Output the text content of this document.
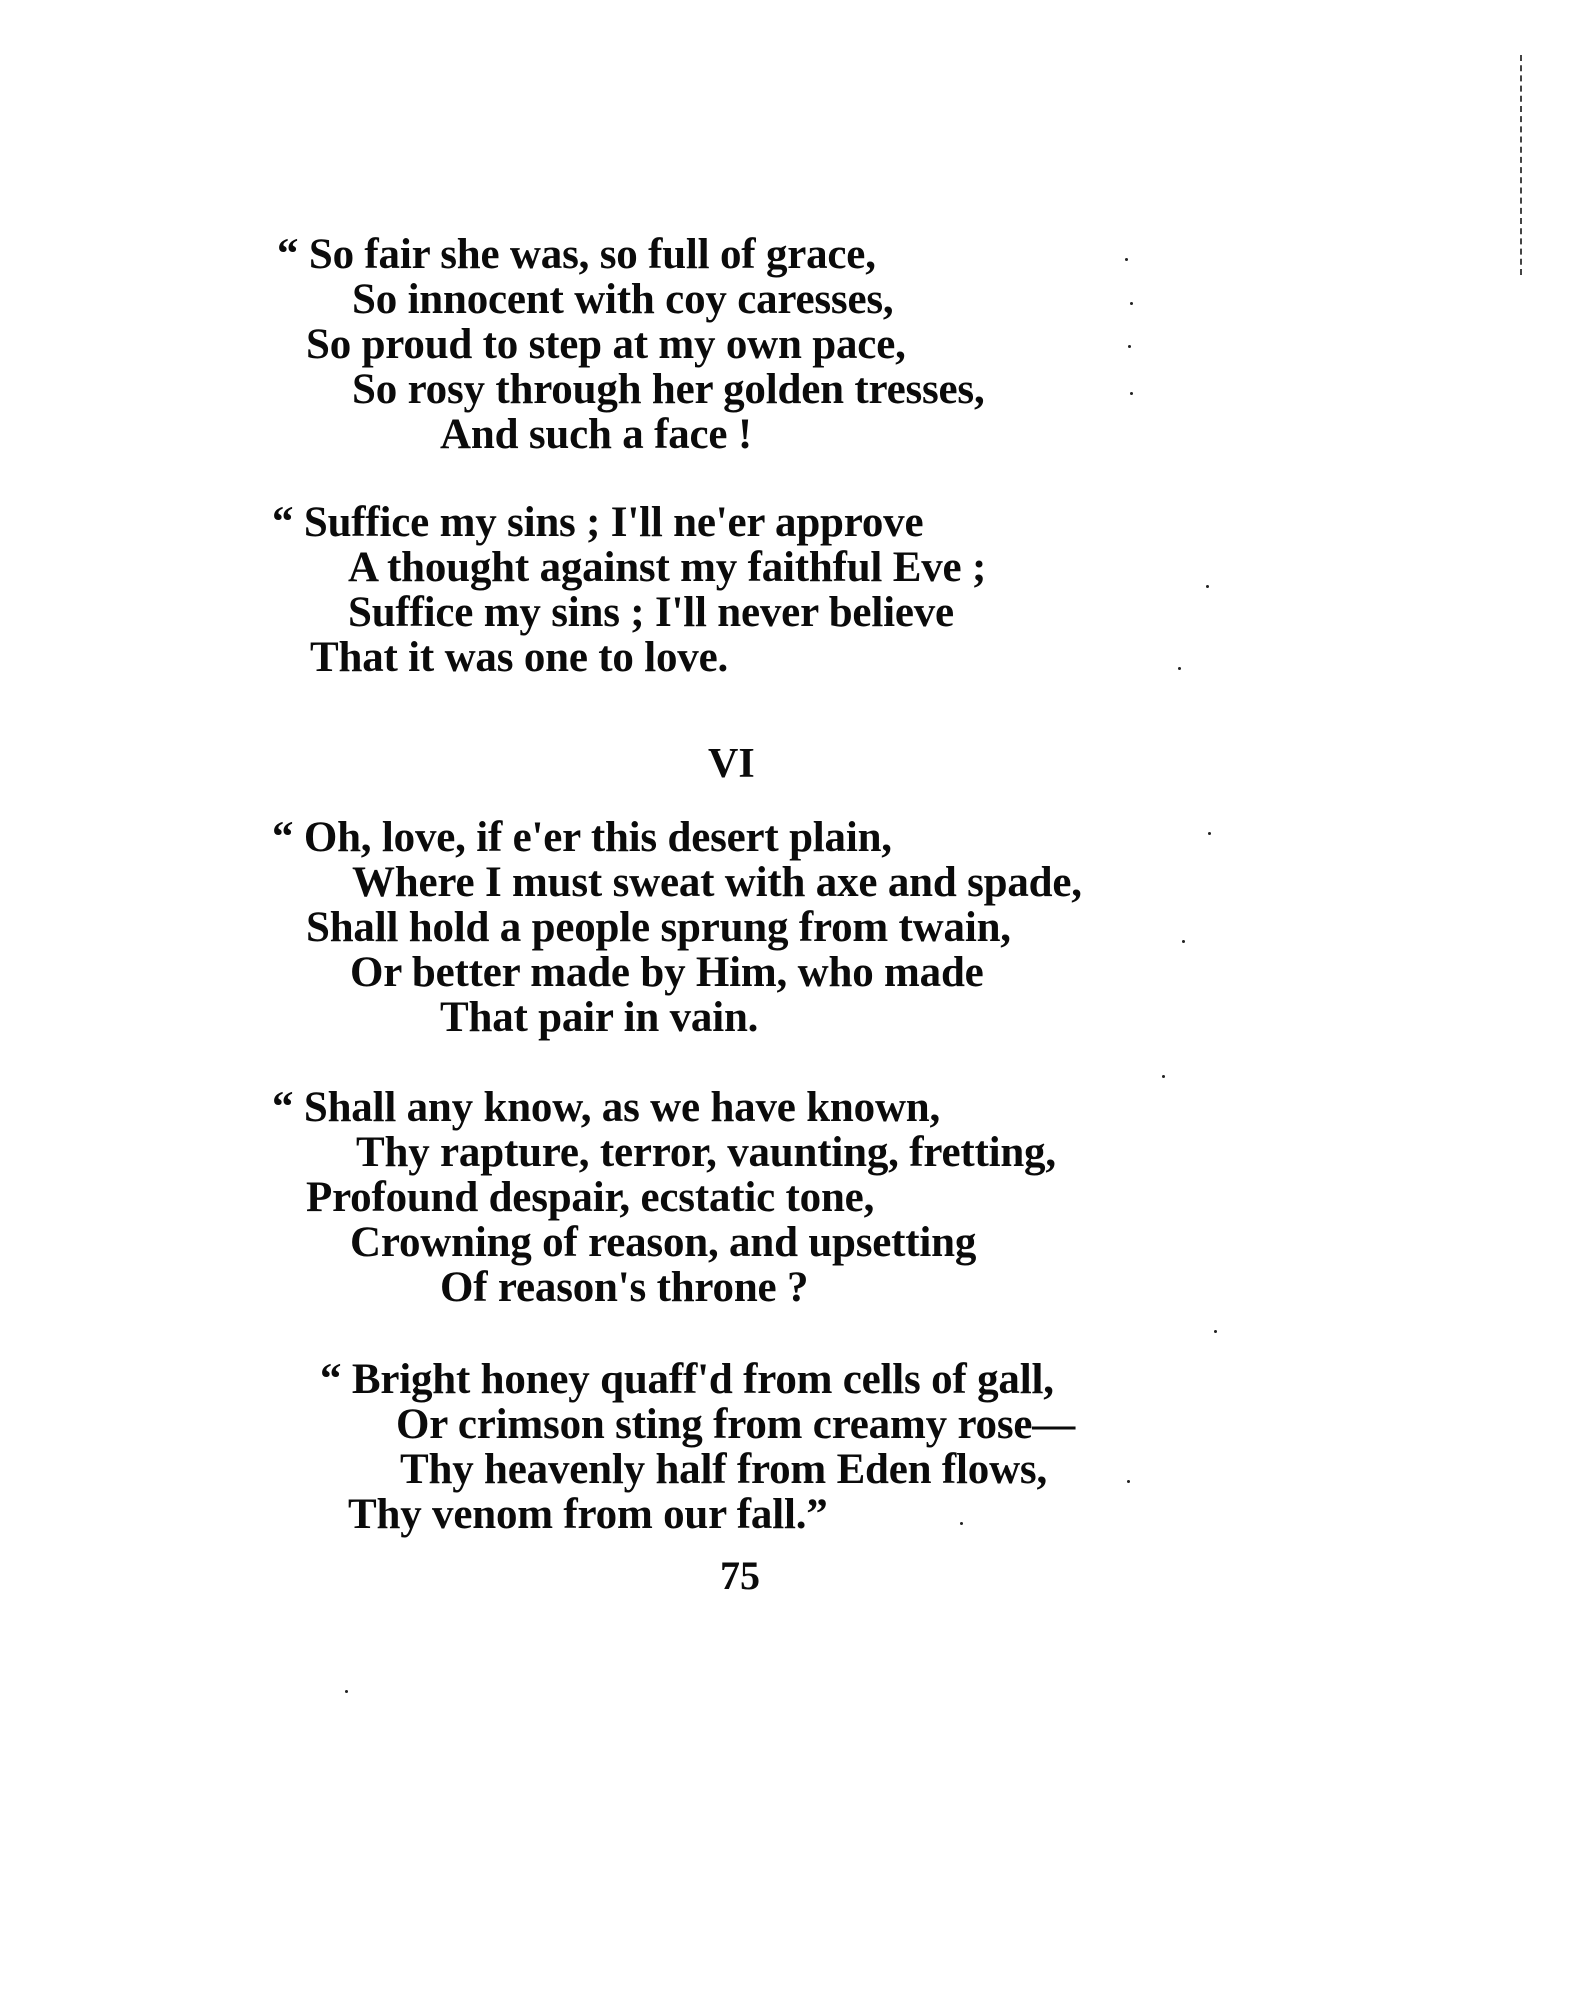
“ So fair she was, so full of grace,
So innocent with coy caresses,
So proud to step at my own pace,
So rosy through her golden tresses,
And such a face !
“ Suffice my sins ; I'll ne'er approve
A thought against my faithful Eve ;
Suffice my sins ; I'll never believe
That it was one to love.
VI
“ Oh, love, if e'er this desert plain,
Where I must sweat with axe and spade,
Shall hold a people sprung from twain,
Or better made by Him, who made
That pair in vain.
“ Shall any know, as we have known,
Thy rapture, terror, vaunting, fretting,
Profound despair, ecstatic tone,
Crowning of reason, and upsetting
Of reason's throne ?
“ Bright honey quaff'd from cells of gall,
Or crimson sting from creamy rose—
Thy heavenly half from Eden flows,
Thy venom from our fall.”
75
